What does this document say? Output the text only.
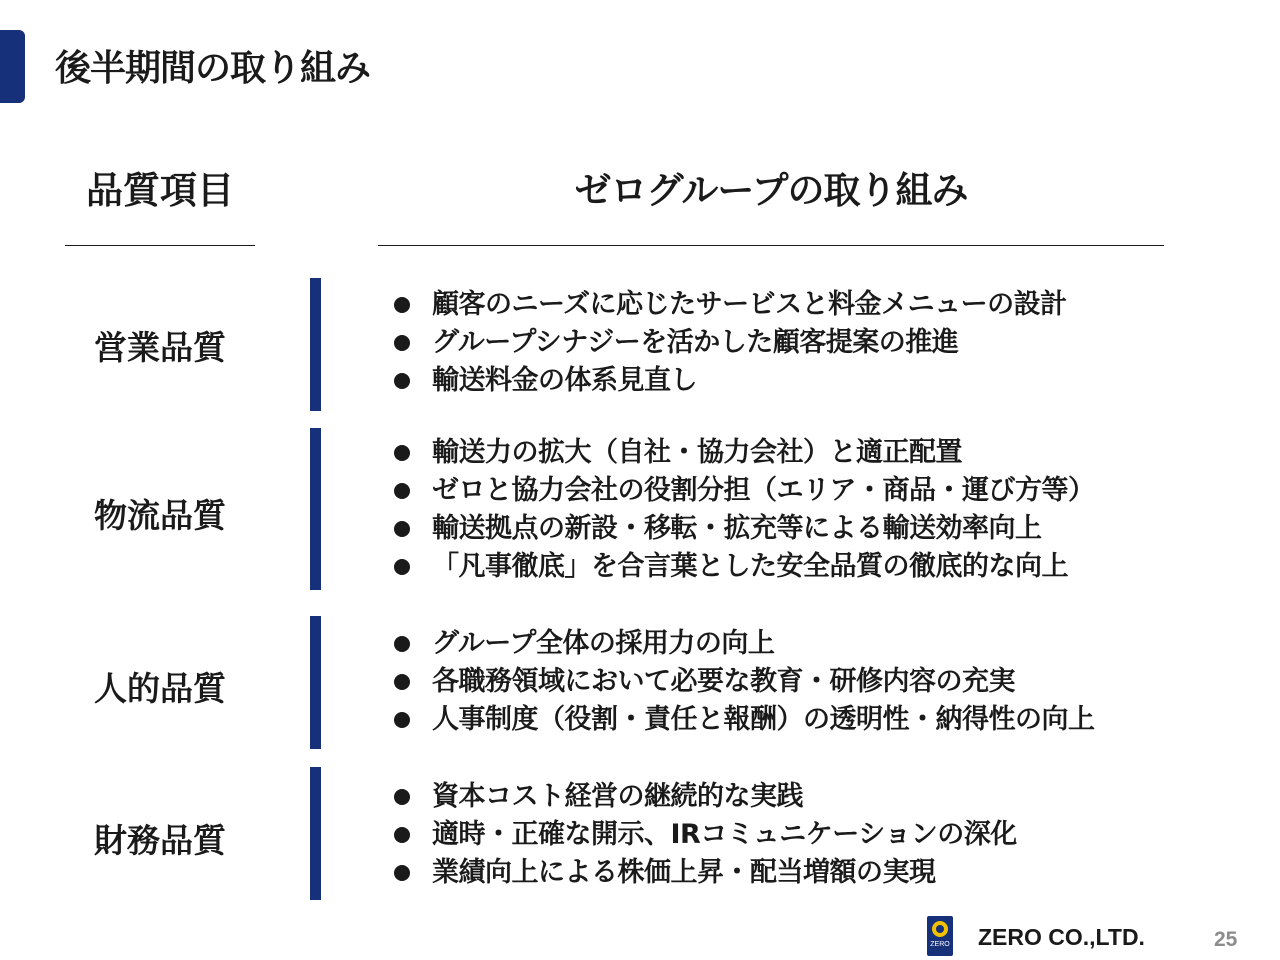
後半期間の取り組み
品質項目	ゼログループの取り組み
営業品質
顧客のニーズに応じたサービスと料金メニューの設計
グループシナジーを活かした顧客提案の推進
輸送料金の体系見直し
物流品質
輸送力の拡大（自社・協力会社）と適正配置
ゼロと協力会社の役割分担（エリア・商品・運び方等）
輸送拠点の新設・移転・拡充等による輸送効率向上
「凡事徹底」を合言葉とした安全品質の徹底的な向上
人的品質
グループ全体の採用力の向上
各職務領域において必要な教育・研修内容の充実
人事制度（役割・責任と報酬）の透明性・納得性の向上
財務品質
資本コスト経営の継続的な実践
適時・正確な開示、IRコミュニケーションの深化
業績向上による株価上昇・配当増額の実現
ZERO ZERO CO.,LTD.	25
